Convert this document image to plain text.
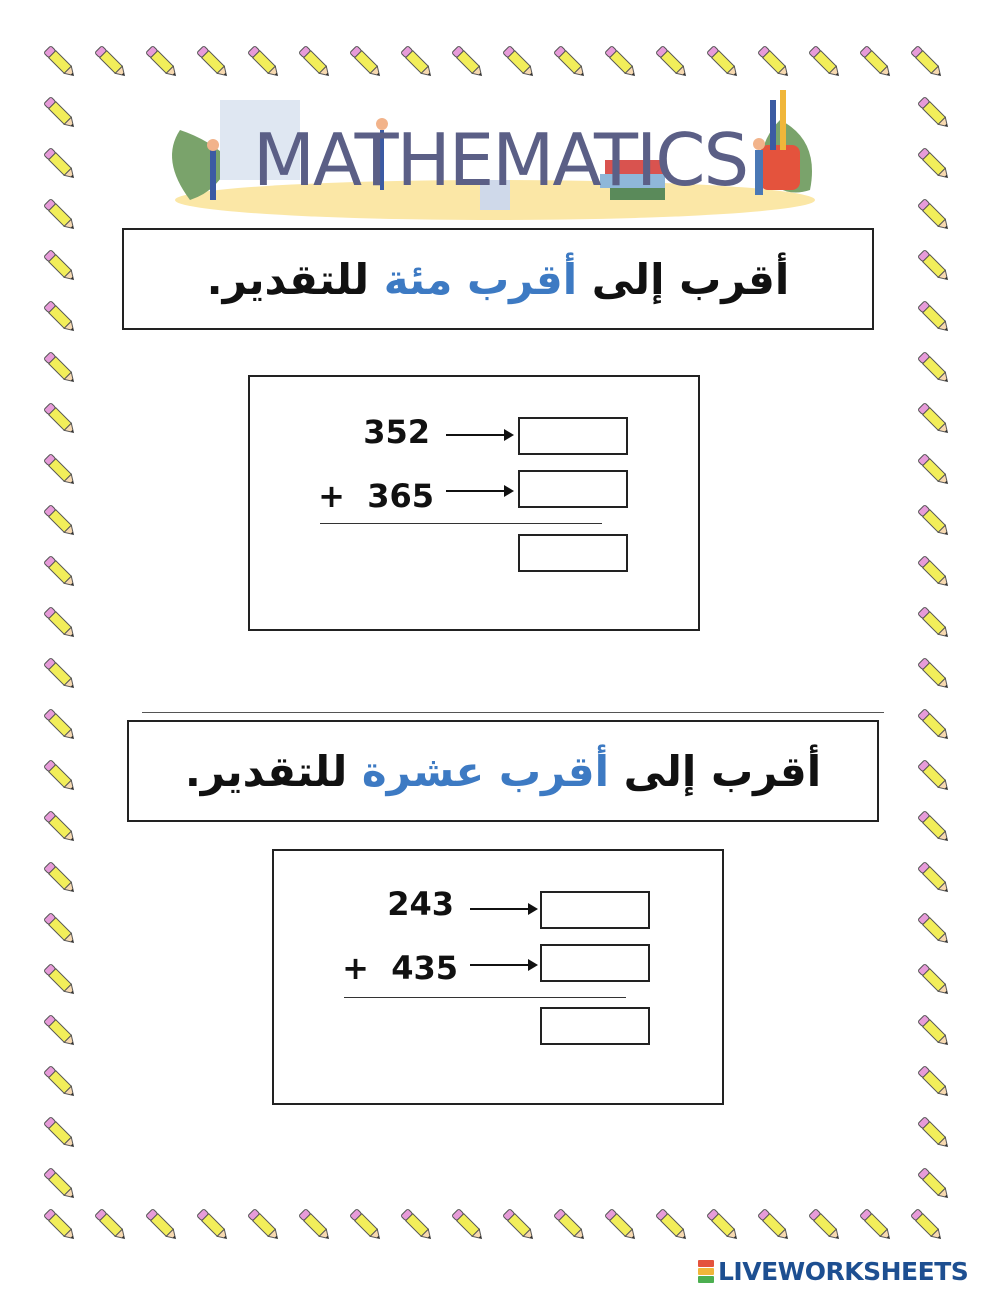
MATHEMATICS
أقرب إلى
أقرب مئة
للتقدير.
352
+  365
أقرب إلى
أقرب عشرة
للتقدير.
243
+  435
LIVEWORKSHEETS
